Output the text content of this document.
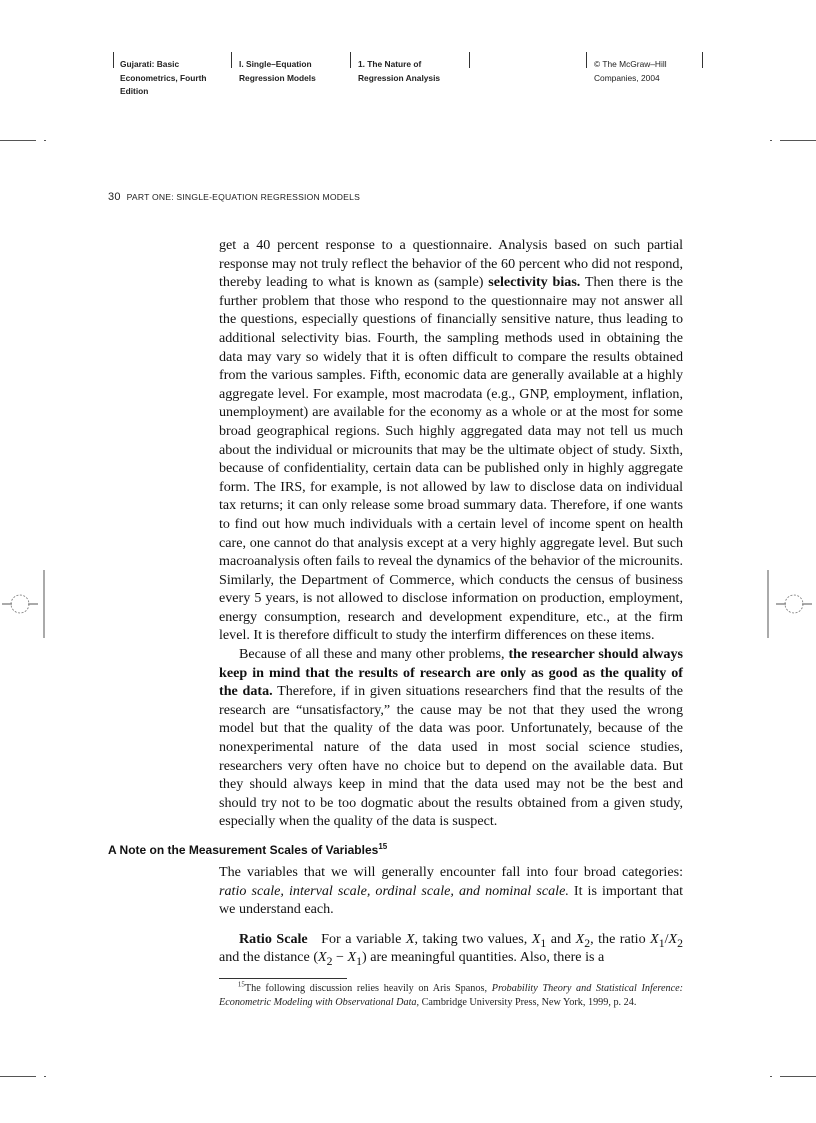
Gujarati: Basic
Econometrics, Fourth
Edition
I. Single–Equation
Regression Models
1. The Nature of
Regression Analysis
© The McGraw–Hill
Companies, 2004
30 PART ONE: SINGLE-EQUATION REGRESSION MODELS

get a 40 percent response to a questionnaire. Analysis based on such partial response may not truly reflect the behavior of the 60 percent who did not respond, thereby leading to what is known as (sample) selectivity bias. Then there is the further problem that those who respond to the questionnaire may not answer all the questions, especially questions of financially sensitive nature, thus leading to additional selectivity bias. Fourth, the sampling methods used in obtaining the data may vary so widely that it is often difficult to compare the results obtained from the various samples. Fifth, economic data are generally available at a highly aggregate level. For example, most macrodata (e.g., GNP, employment, inflation, unemployment) are available for the economy as a whole or at the most for some broad geographical regions. Such highly aggregated data may not tell us much about the individual or microunits that may be the ultimate object of study. Sixth, because of confidentiality, certain data can be published only in highly aggregate form. The IRS, for example, is not allowed by law to disclose data on individual tax returns; it can only release some broad summary data. Therefore, if one wants to find out how much individuals with a certain level of income spent on health care, one cannot do that analysis except at a very highly aggregate level. But such macroanalysis often fails to reveal the dynamics of the behavior of the microunits. Similarly, the Department of Commerce, which conducts the census of business every 5 years, is not allowed to disclose information on production, employment, energy consumption, research and development expenditure, etc., at the firm level. It is therefore difficult to study the interfirm differences on these items.

Because of all these and many other problems, the researcher should always keep in mind that the results of research are only as good as the quality of the data. Therefore, if in given situations researchers find that the results of the research are “unsatisfactory,” the cause may be not that they used the wrong model but that the quality of the data was poor. Unfortunately, because of the nonexperimental nature of the data used in most social science studies, researchers very often have no choice but to depend on the available data. But they should always keep in mind that the data used may not be the best and should try not to be too dogmatic about the results obtained from a given study, especially when the quality of the data is suspect.

A Note on the Measurement Scales of Variables$^{15}$

The variables that we will generally encounter fall into four broad categories: ratio scale, interval scale, ordinal scale, and nominal scale. It is important that we understand each.

Ratio Scale For a variable X, taking two values, $X_1$ and $X_2$, the ratio $X_1/X_2$ and the distance $(X_2 - X_1)$ are meaningful quantities. Also, there is a

$^{15}$The following discussion relies heavily on Aris Spanos, Probability Theory and Statistical Inference: Econometric Modeling with Observational Data, Cambridge University Press, New York, 1999, p. 24.
